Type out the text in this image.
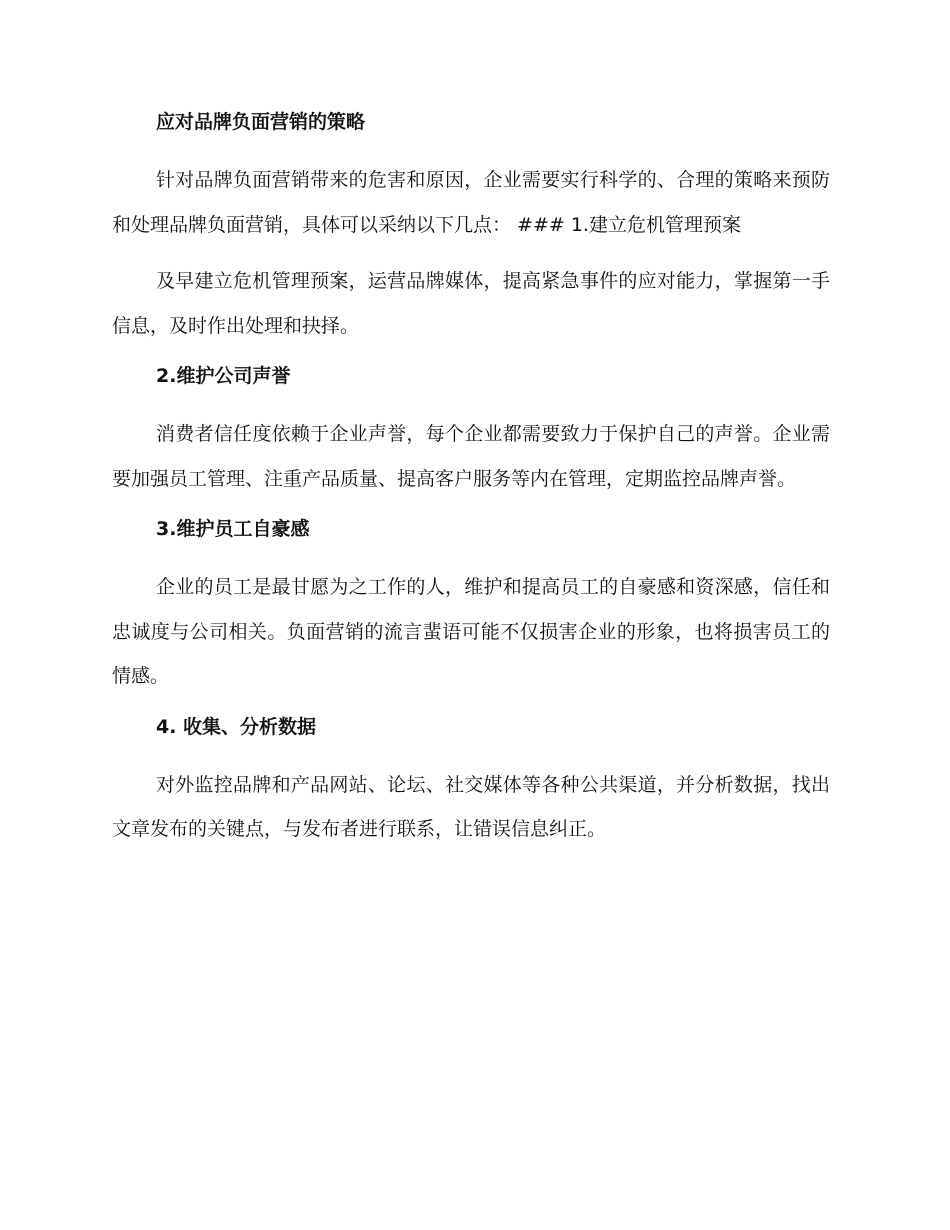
应对品牌负面营销的策略

针对品牌负面营销带来的危害和原因，企业需要实行科学的、合理的策略来预防和处理品牌负面营销，具体可以采纳以下几点： ### 1.建立危机管理预案

及早建立危机管理预案，运营品牌媒体，提高紧急事件的应对能力，掌握第一手信息，及时作出处理和抉择。

2.维护公司声誉

消费者信任度依赖于企业声誉，每个企业都需要致力于保护自己的声誉。企业需要加强员工管理、注重产品质量、提高客户服务等内在管理，定期监控品牌声誉。

3.维护员工自豪感

企业的员工是最甘愿为之工作的人，维护和提高员工的自豪感和资深感，信任和忠诚度与公司相关。负面营销的流言蜚语可能不仅损害企业的形象，也将损害员工的情感。

4. 收集、分析数据

对外监控品牌和产品网站、论坛、社交媒体等各种公共渠道，并分析数据，找出文章发布的关键点，与发布者进行联系，让错误信息纠正。
